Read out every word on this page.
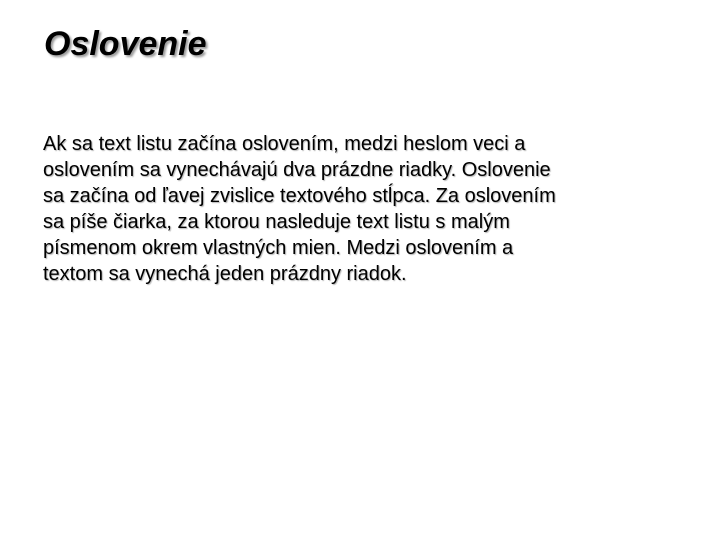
Oslovenie

Ak sa text listu začína oslovením, medzi heslom veci a
oslovením sa vynechávajú dva prázdne riadky. Oslovenie
sa začína od ľavej zvislice textového stĺpca. Za oslovením
sa píše čiarka, za ktorou nasleduje text listu s malým
písmenom okrem vlastných mien. Medzi oslovením a
textom sa vynechá jeden prázdny riadok.
